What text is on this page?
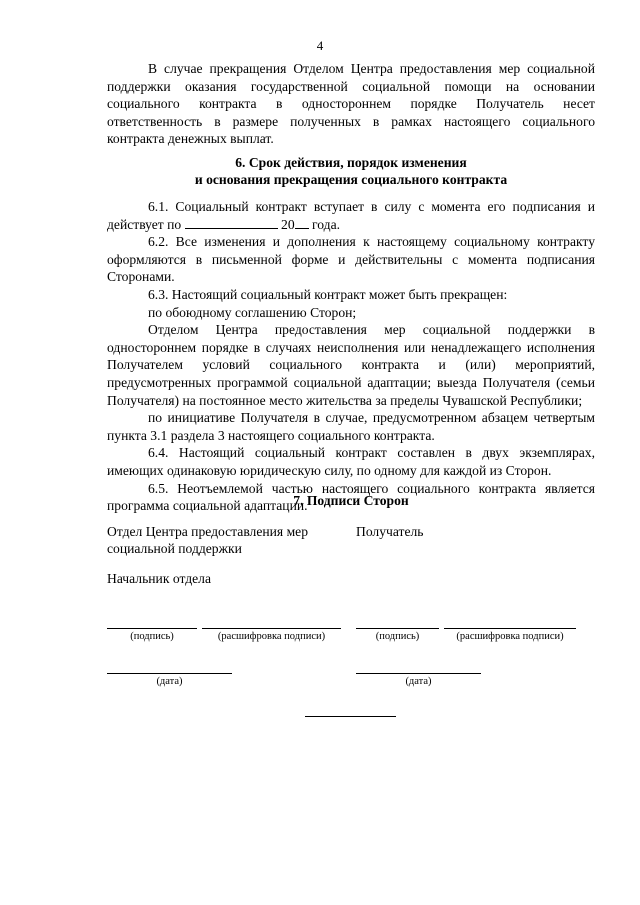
4

В случае прекращения Отделом Центра предоставления мер социальной поддержки оказания государственной социальной помощи на основании социального контракта в одностороннем порядке Получатель несет ответственность в размере полученных в рамках настоящего социального контракта денежных выплат.

6. Срок действия, порядок изменения
и основания прекращения социального контракта

6.1. Социальный контракт вступает в силу с момента его подписания и действует по	20 года.

6.2. Все изменения и дополнения к настоящему социальному контракту оформляются в письменной форме и действительны с момента подписания Сторонами.

6.3. Настоящий социальный контракт может быть прекращен:

по обоюдному соглашению Сторон;

Отделом Центра предоставления мер социальной поддержки в одностороннем порядке в случаях неисполнения или ненадлежащего исполнения Получателем условий социального контракта и (или) мероприятий, предусмотренных программой социальной адаптации; выезда Получателя (семьи Получателя) на постоянное место жительства за пределы Чувашской Республики;

по инициативе Получателя в случае, предусмотренном абзацем четвертым пункта 3.1 раздела 3 настоящего социального контракта.

6.4. Настоящий социальный контракт составлен в двух экземплярах, имеющих одинаковую юридическую силу, по одному для каждой из Сторон.

6.5. Неотъемлемой частью настоящего социального контракта является программа социальной адаптации.

7. Подписи Сторон
Отдел Центра предоставления мер
социальной поддержки
Получатель
Начальник отдела
(подпись)	(расшифровка подписи)	(подпись)	(расшифровка подписи)
(дата)	(дата)
